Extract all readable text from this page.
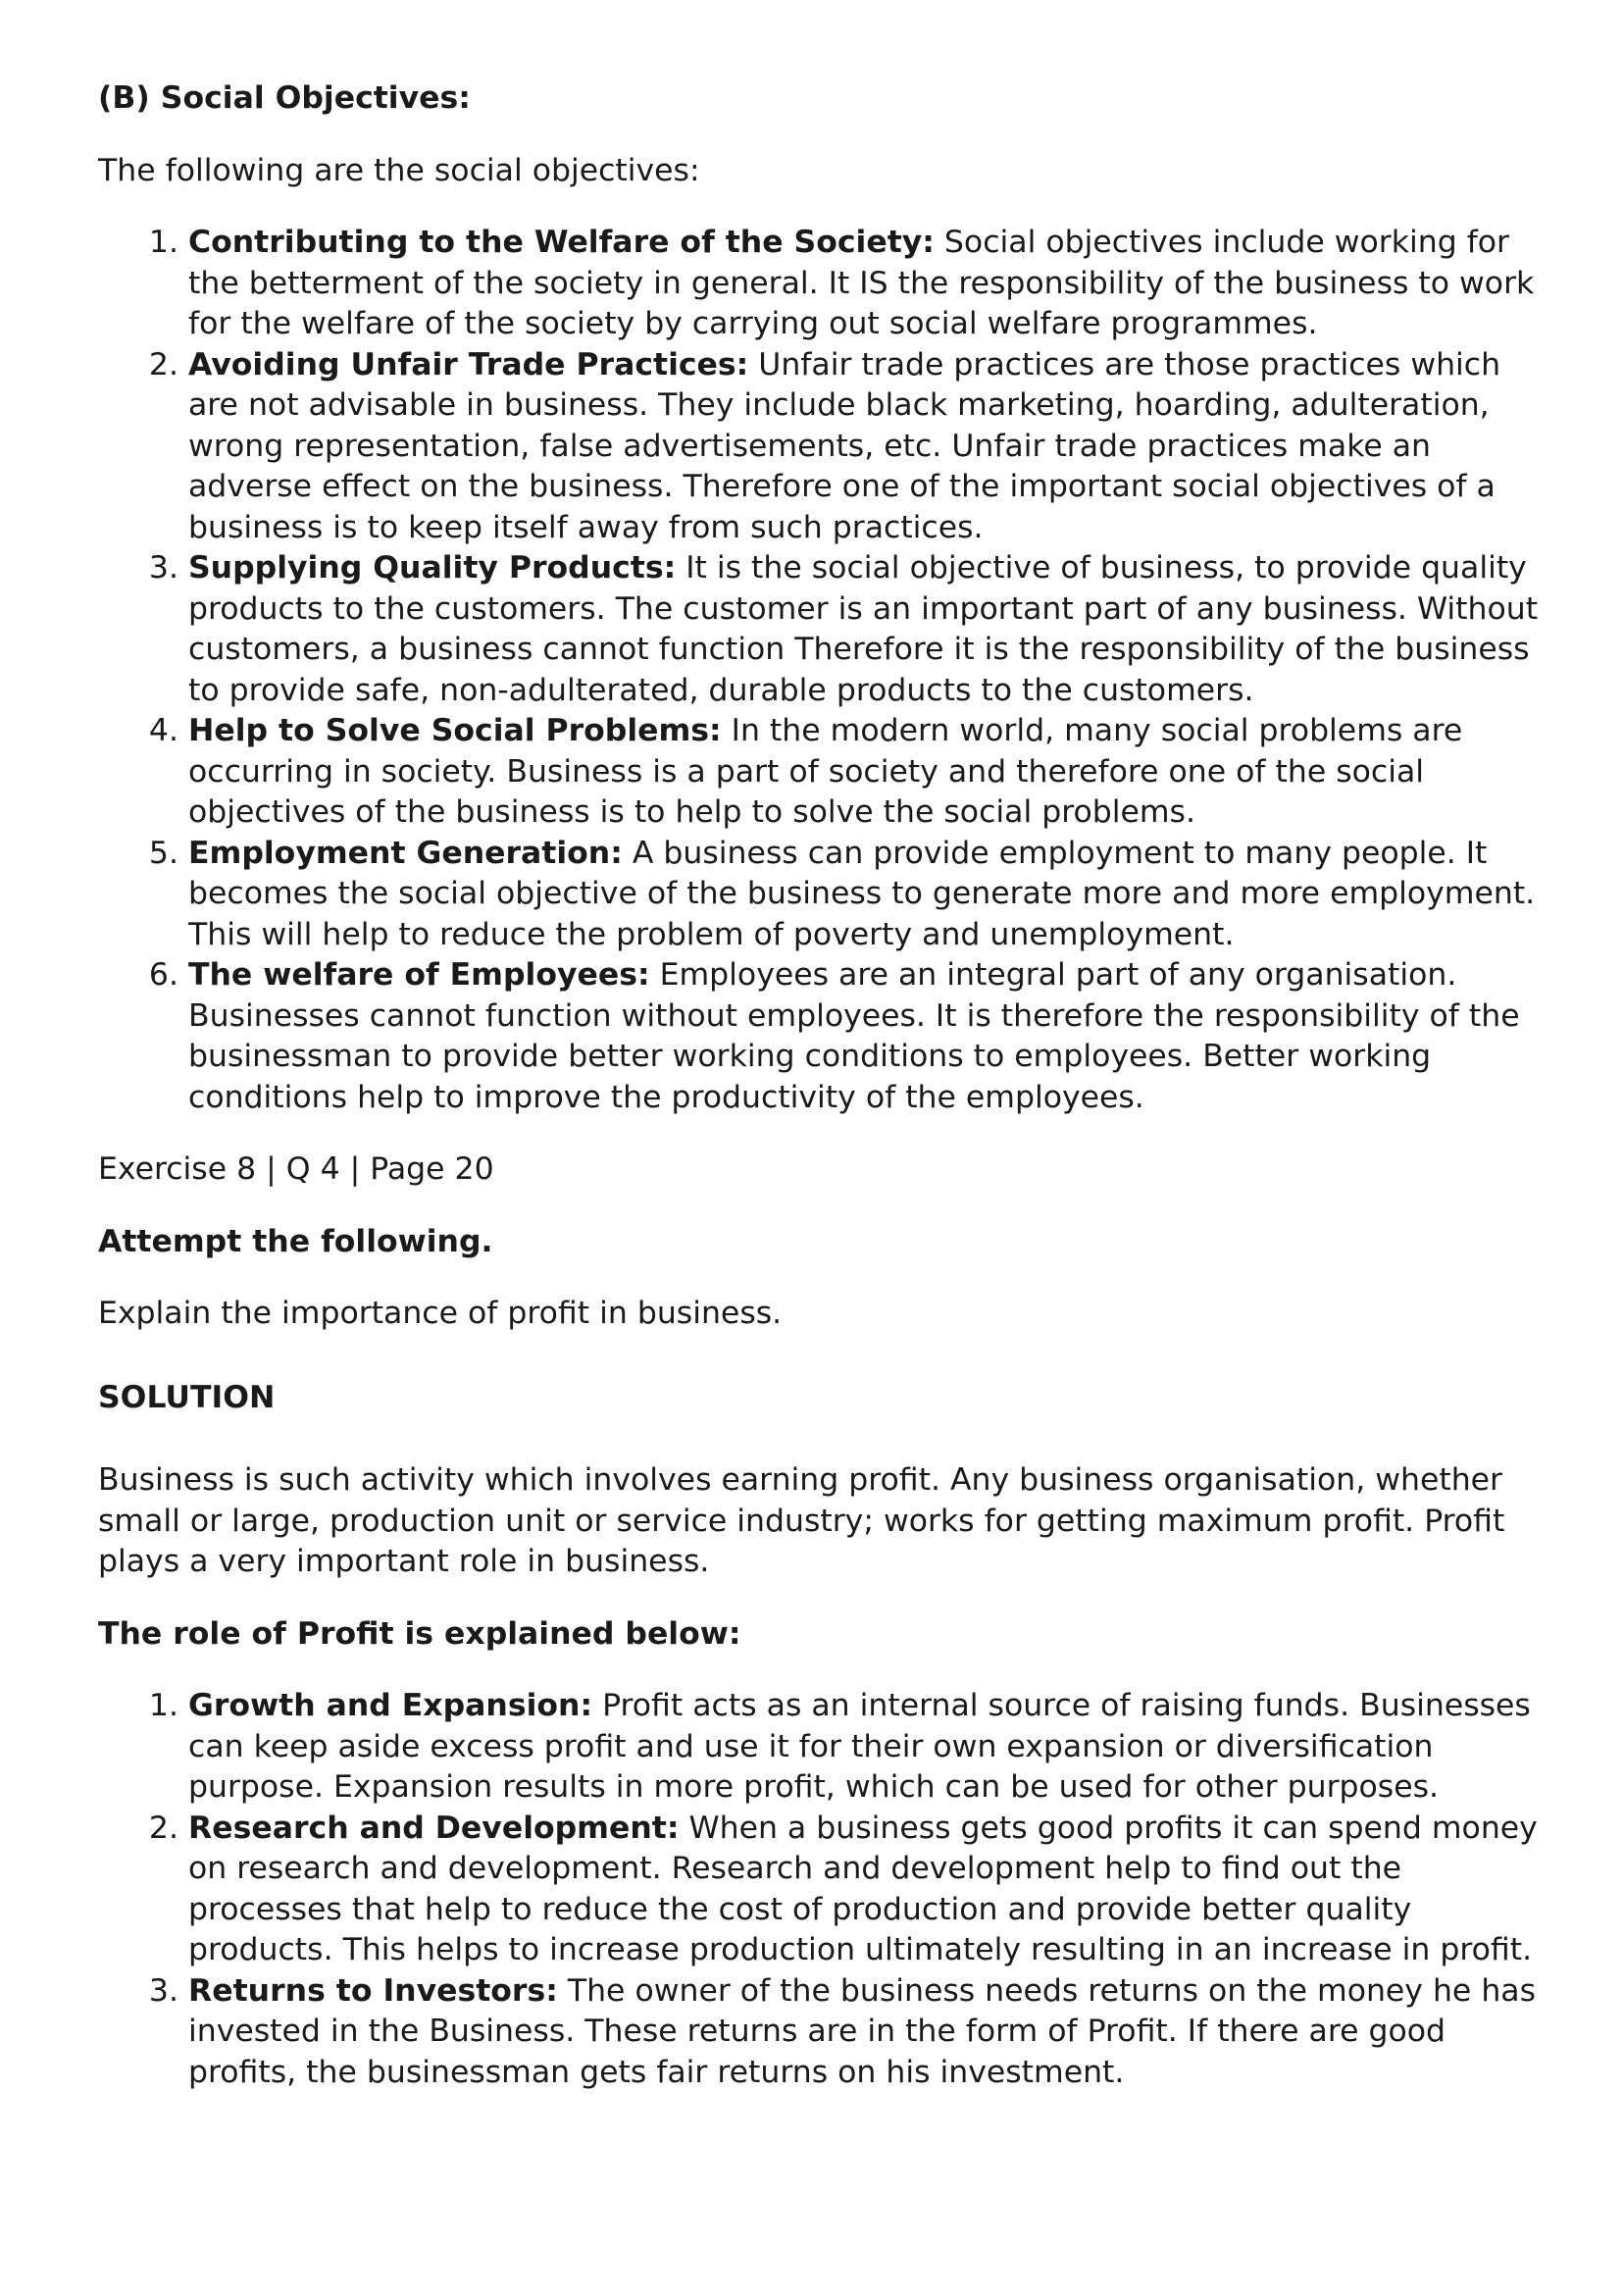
(B) Social Objectives:

The following are the social objectives:

1. Contributing to the Welfare of the Society: Social objectives include working for the betterment of the society in general. It IS the responsibility of the business to work for the welfare of the society by carrying out social welfare programmes.
2. Avoiding Unfair Trade Practices: Unfair trade practices are those practices which are not advisable in business. They include black marketing, hoarding, adulteration, wrong representation, false advertisements, etc. Unfair trade practices make an adverse effect on the business. Therefore one of the important social objectives of a business is to keep itself away from such practices.
3. Supplying Quality Products: It is the social objective of business, to provide quality products to the customers. The customer is an important part of any business. Without customers, a business cannot function Therefore it is the responsibility of the business to provide safe, non-adulterated, durable products to the customers.
4. Help to Solve Social Problems: In the modern world, many social problems are occurring in society. Business is a part of society and therefore one of the social objectives of the business is to help to solve the social problems.
5. Employment Generation: A business can provide employment to many people. It becomes the social objective of the business to generate more and more employment. This will help to reduce the problem of poverty and unemployment.
6. The welfare of Employees: Employees are an integral part of any organisation. Businesses cannot function without employees. It is therefore the responsibility of the businessman to provide better working conditions to employees. Better working conditions help to improve the productivity of the employees.

Exercise 8 | Q 4 | Page 20

Attempt the following.

Explain the importance of profit in business.

SOLUTION

Business is such activity which involves earning profit. Any business organisation, whether small or large, production unit or service industry; works for getting maximum profit. Profit plays a very important role in business.

The role of Profit is explained below:

1. Growth and Expansion: Profit acts as an internal source of raising funds. Businesses can keep aside excess profit and use it for their own expansion or diversification purpose. Expansion results in more profit, which can be used for other purposes.
2. Research and Development: When a business gets good profits it can spend money on research and development. Research and development help to find out the processes that help to reduce the cost of production and provide better quality products. This helps to increase production ultimately resulting in an increase in profit.
3. Returns to Investors: The owner of the business needs returns on the money he has invested in the Business. These returns are in the form of Profit. If there are good profits, the businessman gets fair returns on his investment.
